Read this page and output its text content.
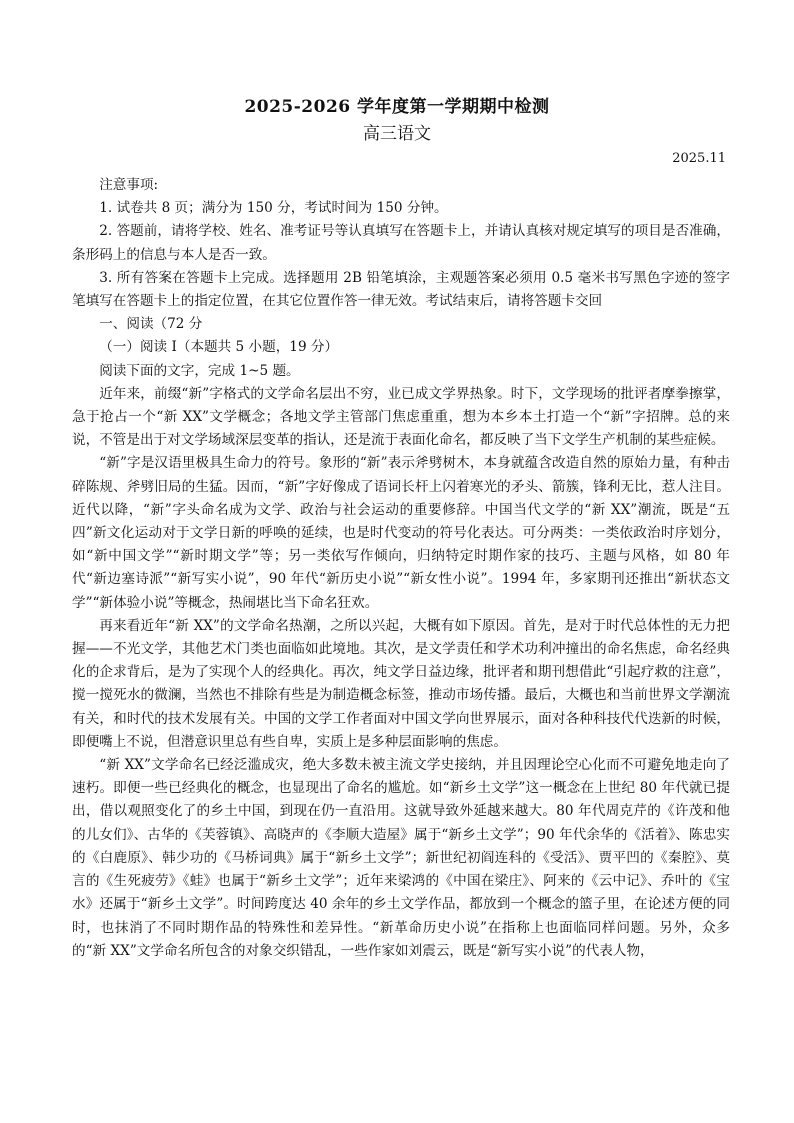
2025-2026 学年度第一学期期中检测
高三语文
2025.11

注意事项:

1. 试卷共 8 页；满分为 150 分，考试时间为 150 分钟。

2. 答题前，请将学校、姓名、准考证号等认真填写在答题卡上，并请认真核对规定填写的项目是否准确，条形码上的信息与本人是否一致。

3. 所有答案在答题卡上完成。选择题用 2B 铅笔填涂，主观题答案必须用 0.5 毫米书写黑色字迹的签字笔填写在答题卡上的指定位置，在其它位置作答一律无效。考试结束后，请将答题卡交回

一、阅读（72 分

（一）阅读 I（本题共 5 小题，19 分）

阅读下面的文字，完成 1~5 题。

近年来，前缀“新”字格式的文学命名层出不穷，业已成文学界热象。时下，文学现场的批评者摩拳擦掌，急于抢占一个“新 XX”文学概念；各地文学主管部门焦虑重重，想为本乡本土打造一个“新”字招牌。总的来说，不管是出于对文学场域深层变革的指认，还是流于表面化命名，都反映了当下文学生产机制的某些症候。

“新”字是汉语里极具生命力的符号。象形的“新”表示斧劈树木，本身就蕴含改造自然的原始力量，有种击碎陈规、斧劈旧局的生猛。因而，“新”字好像成了语词长杆上闪着寒光的矛头、箭簇，锋利无比，惹人注目。近代以降，“新”字头命名成为文学、政治与社会运动的重要修辞。中国当代文学的“新 XX”潮流，既是“五四”新文化运动对于文学日新的呼唤的延续，也是时代变动的符号化表达。可分两类：一类依政治时序划分，如“新中国文学”“新时期文学”等；另一类依写作倾向，归纳特定时期作家的技巧、主题与风格，如 80 年代“新边塞诗派”“新写实小说”，90 年代“新历史小说”“新女性小说”。1994 年，多家期刊还推出“新状态文学”“新体验小说”等概念，热闹堪比当下命名狂欢。

再来看近年“新 XX”的文学命名热潮，之所以兴起，大概有如下原因。首先，是对于时代总体性的无力把握——不光文学，其他艺术门类也面临如此境地。其次，是文学责任和学术功利冲撞出的命名焦虑，命名经典化的企求背后，是为了实现个人的经典化。再次，纯文学日益边缘，批评者和期刊想借此“引起疗救的注意”，搅一搅死水的微澜，当然也不排除有些是为制造概念标签，推动市场传播。最后，大概也和当前世界文学潮流有关，和时代的技术发展有关。中国的文学工作者面对中国文学向世界展示，面对各种科技代代迭新的时候，即便嘴上不说，但潜意识里总有些自卑，实质上是多种层面影响的焦虑。

“新 XX”文学命名已经泛滥成灾，绝大多数未被主流文学史接纳，并且因理论空心化而不可避免地走向了速朽。即便一些已经典化的概念，也显现出了命名的尴尬。如“新乡土文学”这一概念在上世纪 80 年代就已提出，借以观照变化了的乡土中国，到现在仍一直沿用。这就导致外延越来越大。80 年代周克芹的《许茂和他的儿女们》、古华的《芙蓉镇》、高晓声的《李顺大造屋》属于“新乡土文学”；90 年代余华的《活着》、陈忠实的《白鹿原》、韩少功的《马桥词典》属于“新乡土文学”；新世纪初阎连科的《受活》、贾平凹的《秦腔》、莫言的《生死疲劳》《蛙》也属于“新乡土文学”；近年来梁鸿的《中国在梁庄》、阿来的《云中记》、乔叶的《宝水》还属于“新乡土文学”。时间跨度达 40 余年的乡土文学作品，都放到一个概念的篮子里，在论述方便的同时，也抹消了不同时期作品的特殊性和差异性。“新革命历史小说”在指称上也面临同样问题。另外，众多的“新 XX”文学命名所包含的对象交织错乱，一些作家如刘震云，既是“新写实小说”的代表人物，
